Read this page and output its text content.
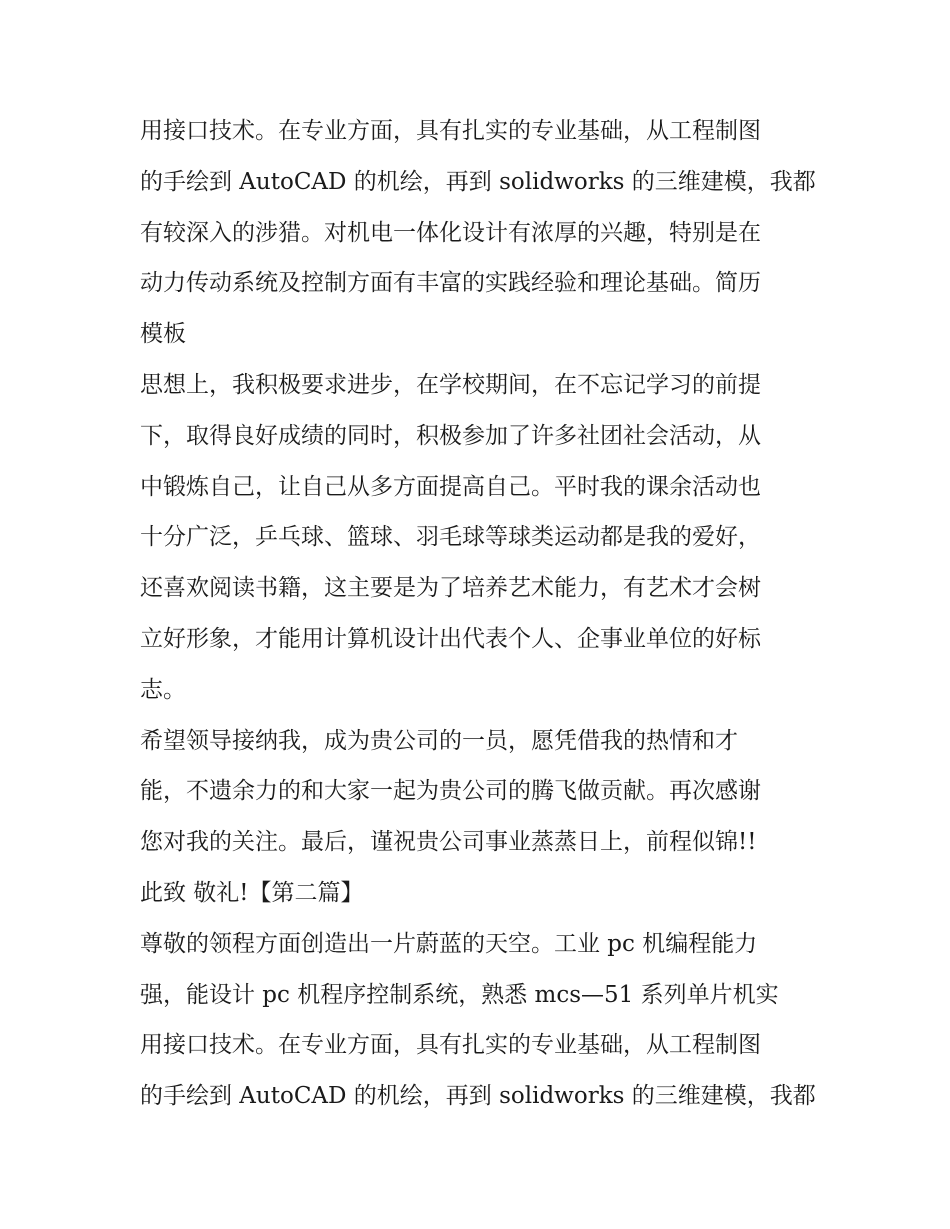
用接口技术。在专业方面，具有扎实的专业基础，从工程制图
的手绘到 AutoCAD 的机绘，再到 solidworks 的三维建模，我都
有较深入的涉猎。对机电一体化设计有浓厚的兴趣，特别是在
动力传动系统及控制方面有丰富的实践经验和理论基础。简历
模板
思想上，我积极要求进步，在学校期间，在不忘记学习的前提
下，取得良好成绩的同时，积极参加了许多社团社会活动，从
中锻炼自己，让自己从多方面提高自己。平时我的课余活动也
十分广泛，乒乓球、篮球、羽毛球等球类运动都是我的爱好，
还喜欢阅读书籍，这主要是为了培养艺术能力，有艺术才会树
立好形象，才能用计算机设计出代表个人、企事业单位的好标
志。
希望领导接纳我，成为贵公司的一员，愿凭借我的热情和才
能，不遗余力的和大家一起为贵公司的腾飞做贡献。再次感谢
您对我的关注。最后，谨祝贵公司事业蒸蒸日上，前程似锦!!
此致 敬礼!【第二篇】
尊敬的领程方面创造出一片蔚蓝的天空。工业 pc 机编程能力
强，能设计 pc 机程序控制系统，熟悉 mcs—51 系列单片机实
用接口技术。在专业方面，具有扎实的专业基础，从工程制图
的手绘到 AutoCAD 的机绘，再到 solidworks 的三维建模，我都
